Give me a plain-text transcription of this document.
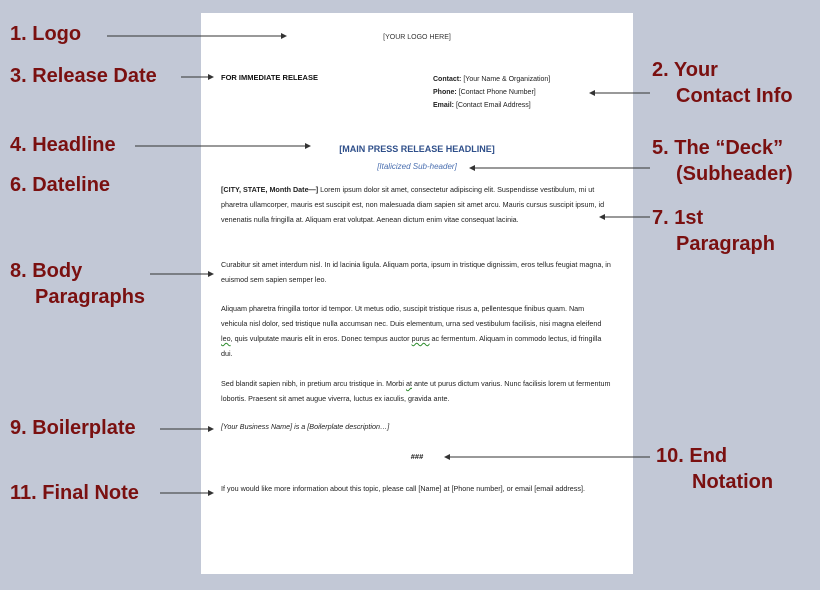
[YOUR LOGO HERE]
FOR IMMEDIATE RELEASE	Contact: [Your Name & Organization]
Phone: [Contact Phone Number]
Email: [Contact Email Address]
[MAIN PRESS RELEASE HEADLINE]
[Italicized Sub-header]
[CITY, STATE, Month Date—] Lorem ipsum dolor sit amet, consectetur adipiscing elit. Suspendisse vestibulum, mi ut pharetra ullamcorper, mauris est suscipit est, non malesuada diam sapien sit amet arcu. Mauris cursus suscipit ipsum, id venenatis nulla fringilla at. Aliquam erat volutpat. Aenean dictum enim vitae consequat lacinia.
Curabitur sit amet interdum nisl. In id lacinia ligula. Aliquam porta, ipsum in tristique dignissim, eros tellus feugiat magna, in euismod sem sapien semper leo.
Aliquam pharetra fringilla tortor id tempor. Ut metus odio, suscipit tristique risus a, pellentesque finibus quam. Nam vehicula nisl dolor, sed tristique nulla accumsan nec. Duis elementum, urna sed vestibulum facilisis, nisi magna eleifend leo, quis vulputate mauris elit in eros. Donec tempus auctor purus ac fermentum. Aliquam in commodo lectus, id fringilla dui.
Sed blandit sapien nibh, in pretium arcu tristique in. Morbi at ante ut purus dictum varius. Nunc facilisis lorem ut fermentum lobortis. Praesent sit amet augue viverra, luctus ex iaculis, gravida ante.
[Your Business Name] is a [Boilerplate description…]
###
If you would like more information about this topic, please call [Name] at [Phone number], or email [email address].
1. Logo
3. Release Date	2. Your
Contact Info
4. Headline	5. The “Deck”
(Subheader)
6. Dateline
7. 1st
Paragraph
8. Body
Paragraphs
9. Boilerplate
10. End
Notation
11. Final Note
